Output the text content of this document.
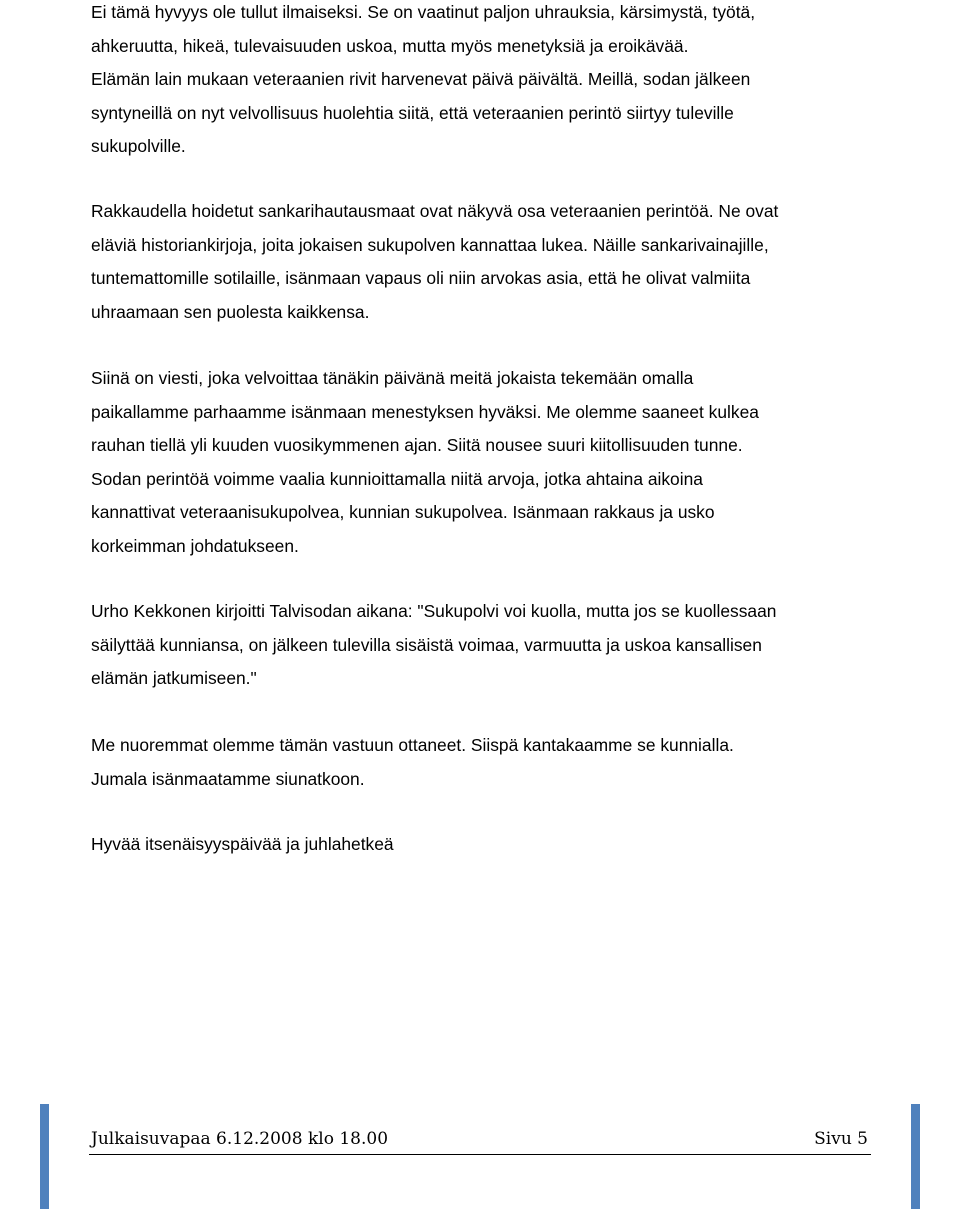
Ei tämä hyvyys ole tullut ilmaiseksi. Se on vaatinut paljon uhrauksia, kärsimystä, työtä,
ahkeruutta, hikeä, tulevaisuuden uskoa, mutta myös menetyksiä ja eroikävää.
Elämän lain mukaan veteraanien rivit harvenevat päivä päivältä. Meillä, sodan jälkeen
syntyneillä on nyt velvollisuus huolehtia siitä, että veteraanien perintö siirtyy tuleville
sukupolville.

Rakkaudella hoidetut sankarihautausmaat ovat näkyvä osa veteraanien perintöä. Ne ovat
eläviä historiankirjoja, joita jokaisen sukupolven kannattaa lukea. Näille sankarivainajille,
tuntemattomille sotilaille, isänmaan vapaus oli niin arvokas asia, että he olivat valmiita
uhraamaan sen puolesta kaikkensa.

Siinä on viesti, joka velvoittaa tänäkin päivänä meitä jokaista tekemään omalla
paikallamme parhaamme isänmaan menestyksen hyväksi. Me olemme saaneet kulkea
rauhan tiellä yli kuuden vuosikymmenen ajan. Siitä nousee suuri kiitollisuuden tunne.
Sodan perintöä voimme vaalia kunnioittamalla niitä arvoja, jotka ahtaina aikoina
kannattivat veteraanisukupolvea, kunnian sukupolvea. Isänmaan rakkaus ja usko
korkeimman johdatukseen.

Urho Kekkonen kirjoitti Talvisodan aikana: "Sukupolvi voi kuolla, mutta jos se kuollessaan
säilyttää kunniansa, on jälkeen tulevilla sisäistä voimaa, varmuutta ja uskoa kansallisen
elämän jatkumiseen."

Me nuoremmat olemme tämän vastuun ottaneet. Siispä kantakaamme se kunnialla.
Jumala isänmaatamme siunatkoon.

Hyvää itsenäisyyspäivää ja juhlahetkeä

Julkaisuvapaa 6.12.2008 klo 18.00	Sivu 5
